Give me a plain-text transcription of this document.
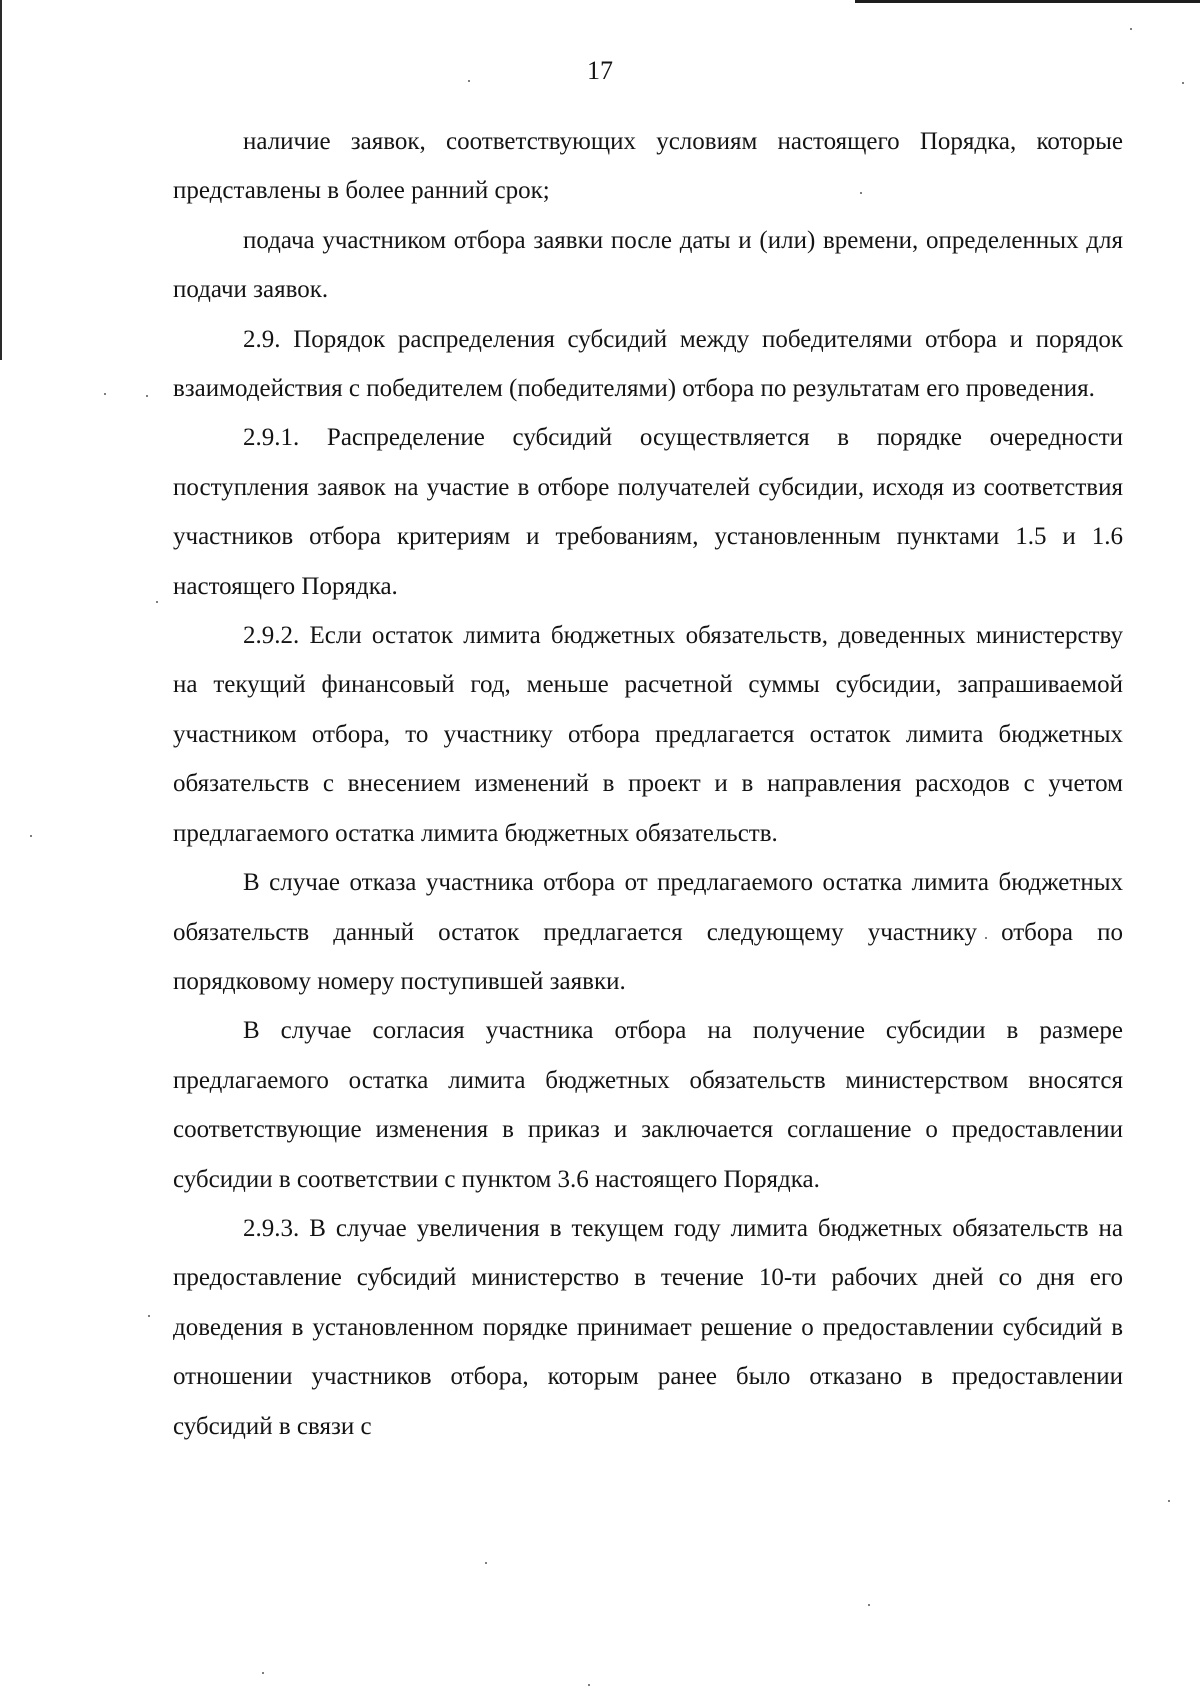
17

наличие заявок, соответствующих условиям настоящего Порядка, которые представлены в более ранний срок;

подача участником отбора заявки после даты и (или) времени, определенных для подачи заявок.

2.9. Порядок распределения субсидий между победителями отбора и порядок взаимодействия с победителем (победителями) отбора по результатам его проведения.

2.9.1. Распределение субсидий осуществляется в порядке очередности поступления заявок на участие в отборе получателей субсидии, исходя из соответствия участников отбора критериям и требованиям, установленным пунктами 1.5 и 1.6 настоящего Порядка.

2.9.2. Если остаток лимита бюджетных обязательств, доведенных министерству на текущий финансовый год, меньше расчетной суммы субсидии, запрашиваемой участником отбора, то участнику отбора предлагается остаток лимита бюджетных обязательств с внесением изменений в проект и в направления расходов с учетом предлагаемого остатка лимита бюджетных обязательств.

В случае отказа участника отбора от предлагаемого остатка лимита бюджетных обязательств данный остаток предлагается следующему участнику отбора по порядковому номеру поступившей заявки.

В случае согласия участника отбора на получение субсидии в размере предлагаемого остатка лимита бюджетных обязательств министерством вносятся соответствующие изменения в приказ и заключается соглашение о предоставлении субсидии в соответствии с пунктом 3.6 настоящего Порядка.

2.9.3. В случае увеличения в текущем году лимита бюджетных обязательств на предоставление субсидий министерство в течение 10-ти рабочих дней со дня его доведения в установленном порядке принимает решение о предоставлении субсидий в отношении участников отбора, которым ранее было отказано в предоставлении субсидий в связи с
